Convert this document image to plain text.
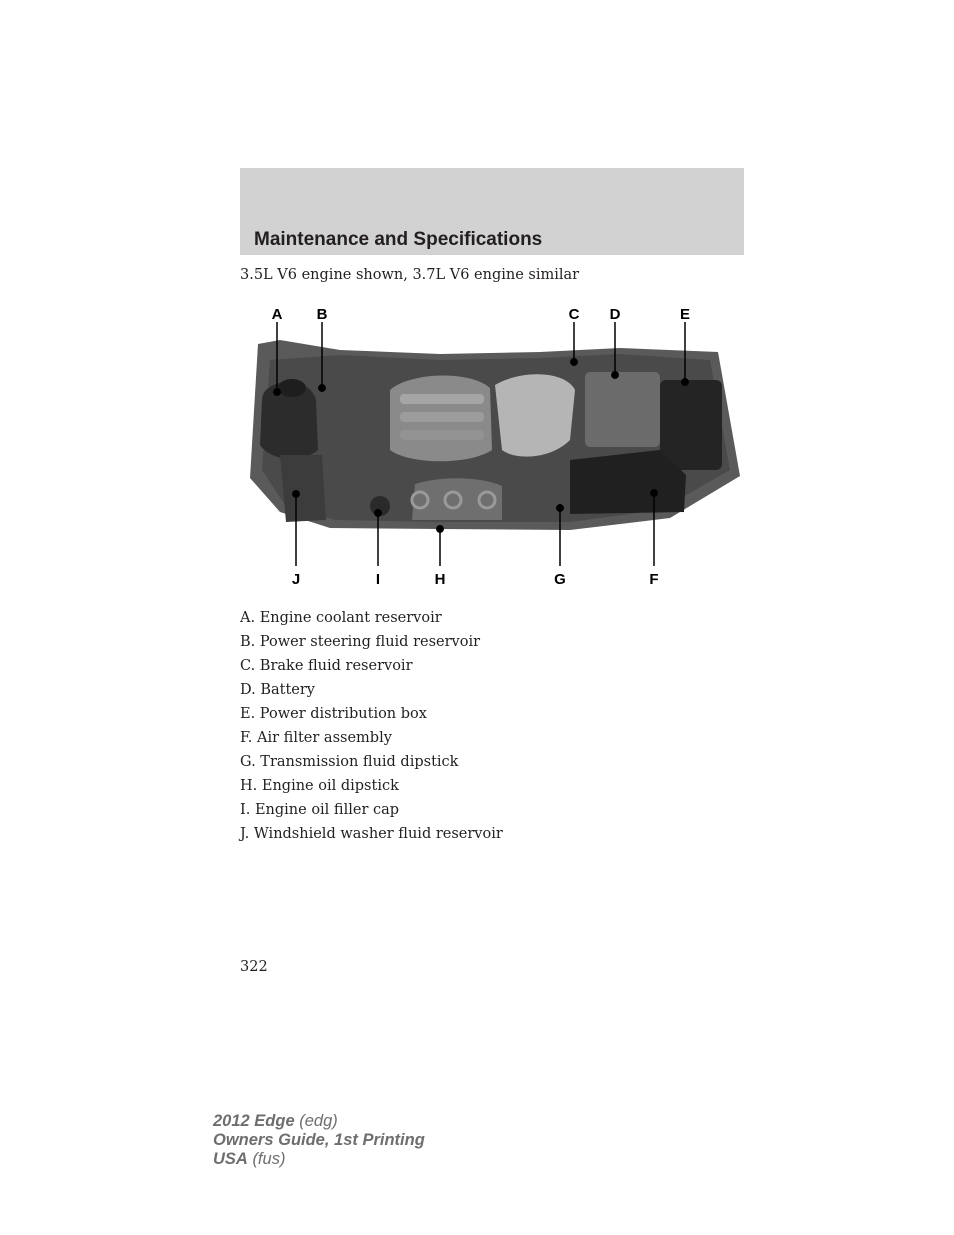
Maintenance and Specifications
3.5L V6 engine shown, 3.7L V6 engine similar
A B	C D	E
J	I	H	G	F
A. Engine coolant reservoir
B. Power steering fluid reservoir
C. Brake fluid reservoir
D. Battery
E. Power distribution box
F. Air filter assembly
G. Transmission fluid dipstick
H. Engine oil dipstick
I. Engine oil filler cap
J. Windshield washer fluid reservoir
322
2012 Edge (edg)
Owners Guide, 1st Printing
USA (fus)
